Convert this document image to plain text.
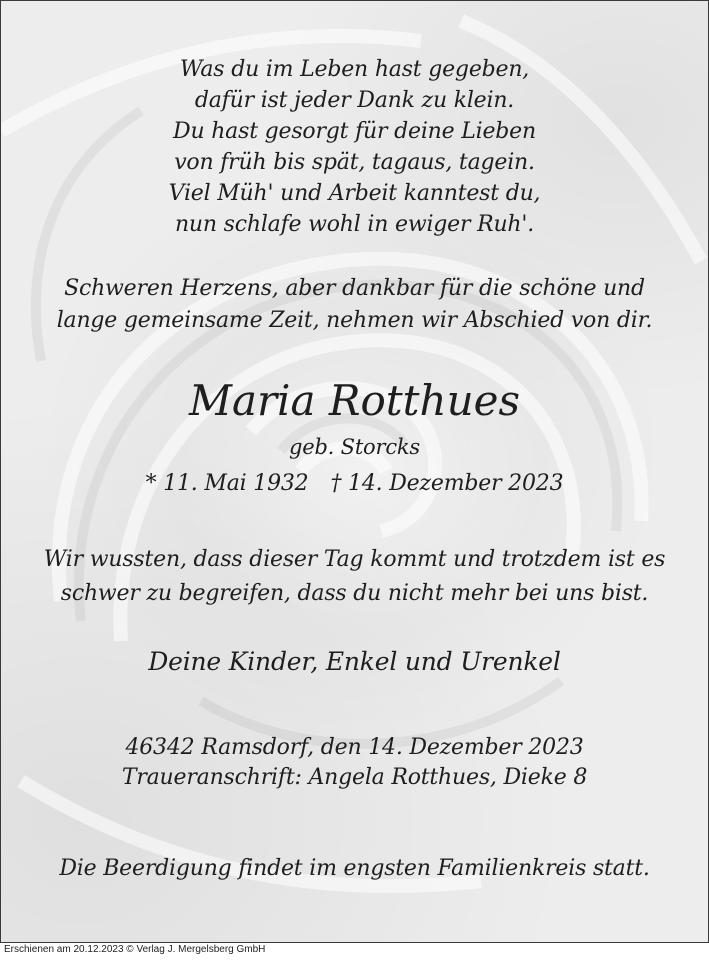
Was du im Leben hast gegeben,
dafür ist jeder Dank zu klein.
Du hast gesorgt für deine Lieben
von früh bis spät, tagaus, tagein.
Viel Müh' und Arbeit kanntest du,
nun schlafe wohl in ewiger Ruh'.
Schweren Herzens, aber dankbar für die schöne und
lange gemeinsame Zeit, nehmen wir Abschied von dir.
Maria Rotthues
geb. Storcks
* 11. Mai 1932 † 14. Dezember 2023
Wir wussten, dass dieser Tag kommt und trotzdem ist es
schwer zu begreifen, dass du nicht mehr bei uns bist.
Deine Kinder, Enkel und Urenkel
46342 Ramsdorf, den 14. Dezember 2023
Traueranschrift: Angela Rotthues, Dieke 8
Die Beerdigung findet im engsten Familienkreis statt.
Erschienen am 20.12.2023 © Verlag J. Mergelsberg GmbH
